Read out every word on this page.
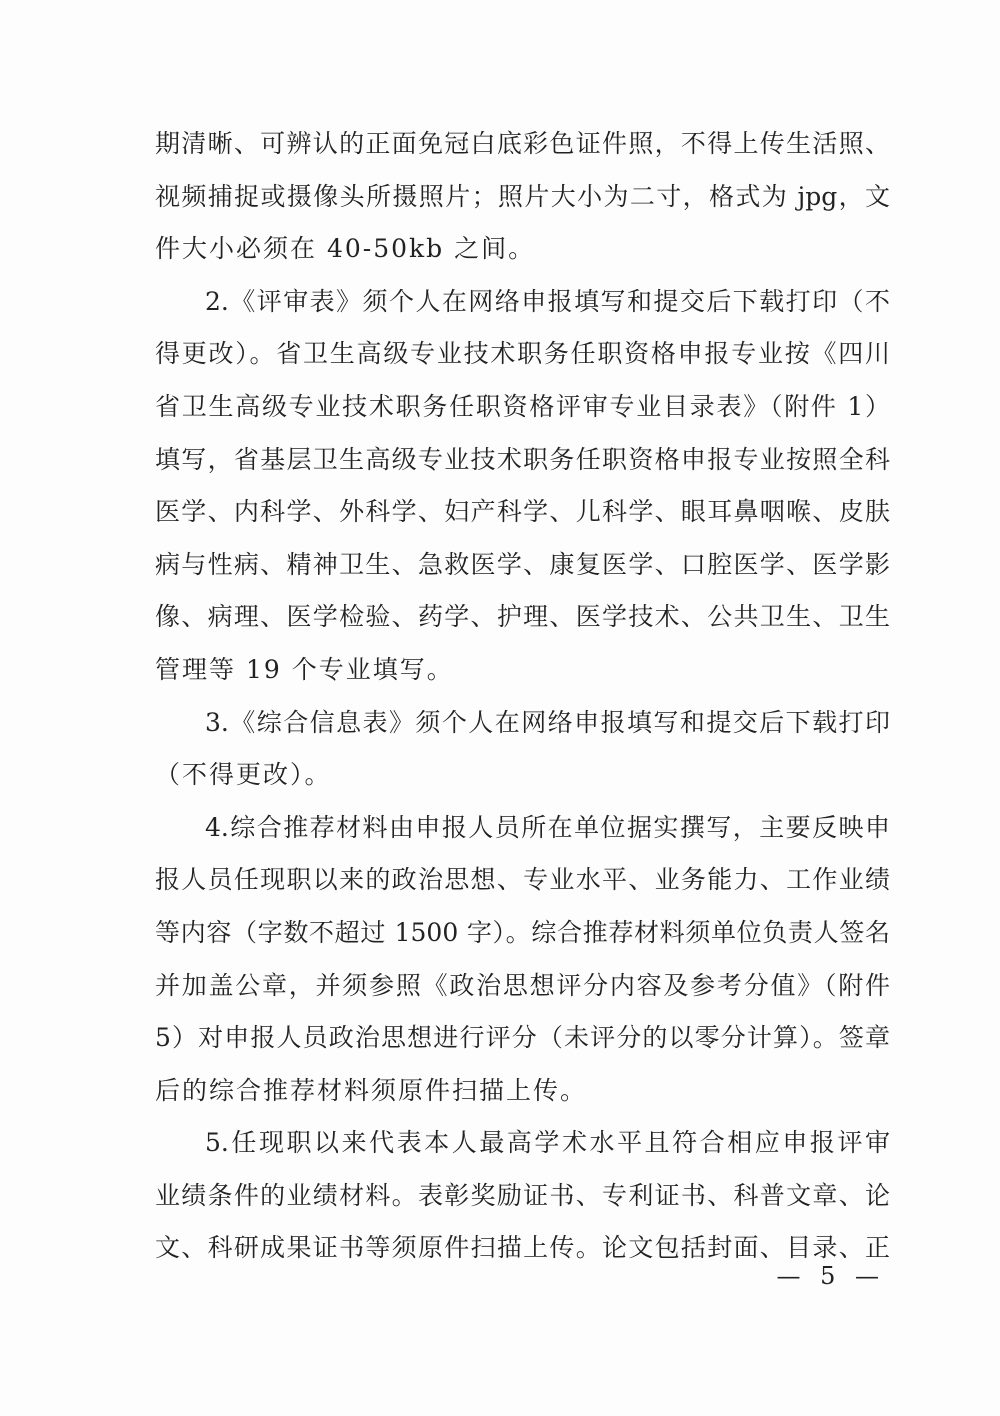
期清晰、可辨认的正面免冠白底彩色证件照，不得上传生活照、
视频捕捉或摄像头所摄照片；照片大小为二寸，格式为 jpg，文
件大小必须在 40-50kb 之间。
2.《评审表》须个人在网络申报填写和提交后下载打印（不
得更改）。省卫生高级专业技术职务任职资格申报专业按《四川
省卫生高级专业技术职务任职资格评审专业目录表》（附件 1）
填写，省基层卫生高级专业技术职务任职资格申报专业按照全科
医学、内科学、外科学、妇产科学、儿科学、眼耳鼻咽喉、皮肤
病与性病、精神卫生、急救医学、康复医学、口腔医学、医学影
像、病理、医学检验、药学、护理、医学技术、公共卫生、卫生
管理等 19 个专业填写。
3.《综合信息表》须个人在网络申报填写和提交后下载打印
（不得更改）。
4.综合推荐材料由申报人员所在单位据实撰写，主要反映申
报人员任现职以来的政治思想、专业水平、业务能力、工作业绩
等内容（字数不超过 1500 字）。综合推荐材料须单位负责人签名
并加盖公章，并须参照《政治思想评分内容及参考分值》（附件
5）对申报人员政治思想进行评分（未评分的以零分计算）。签章
后的综合推荐材料须原件扫描上传。
5.任现职以来代表本人最高学术水平且符合相应申报评审
业绩条件的业绩材料。表彰奖励证书、专利证书、科普文章、论
文、科研成果证书等须原件扫描上传。论文包括封面、目录、正
— 5 —
